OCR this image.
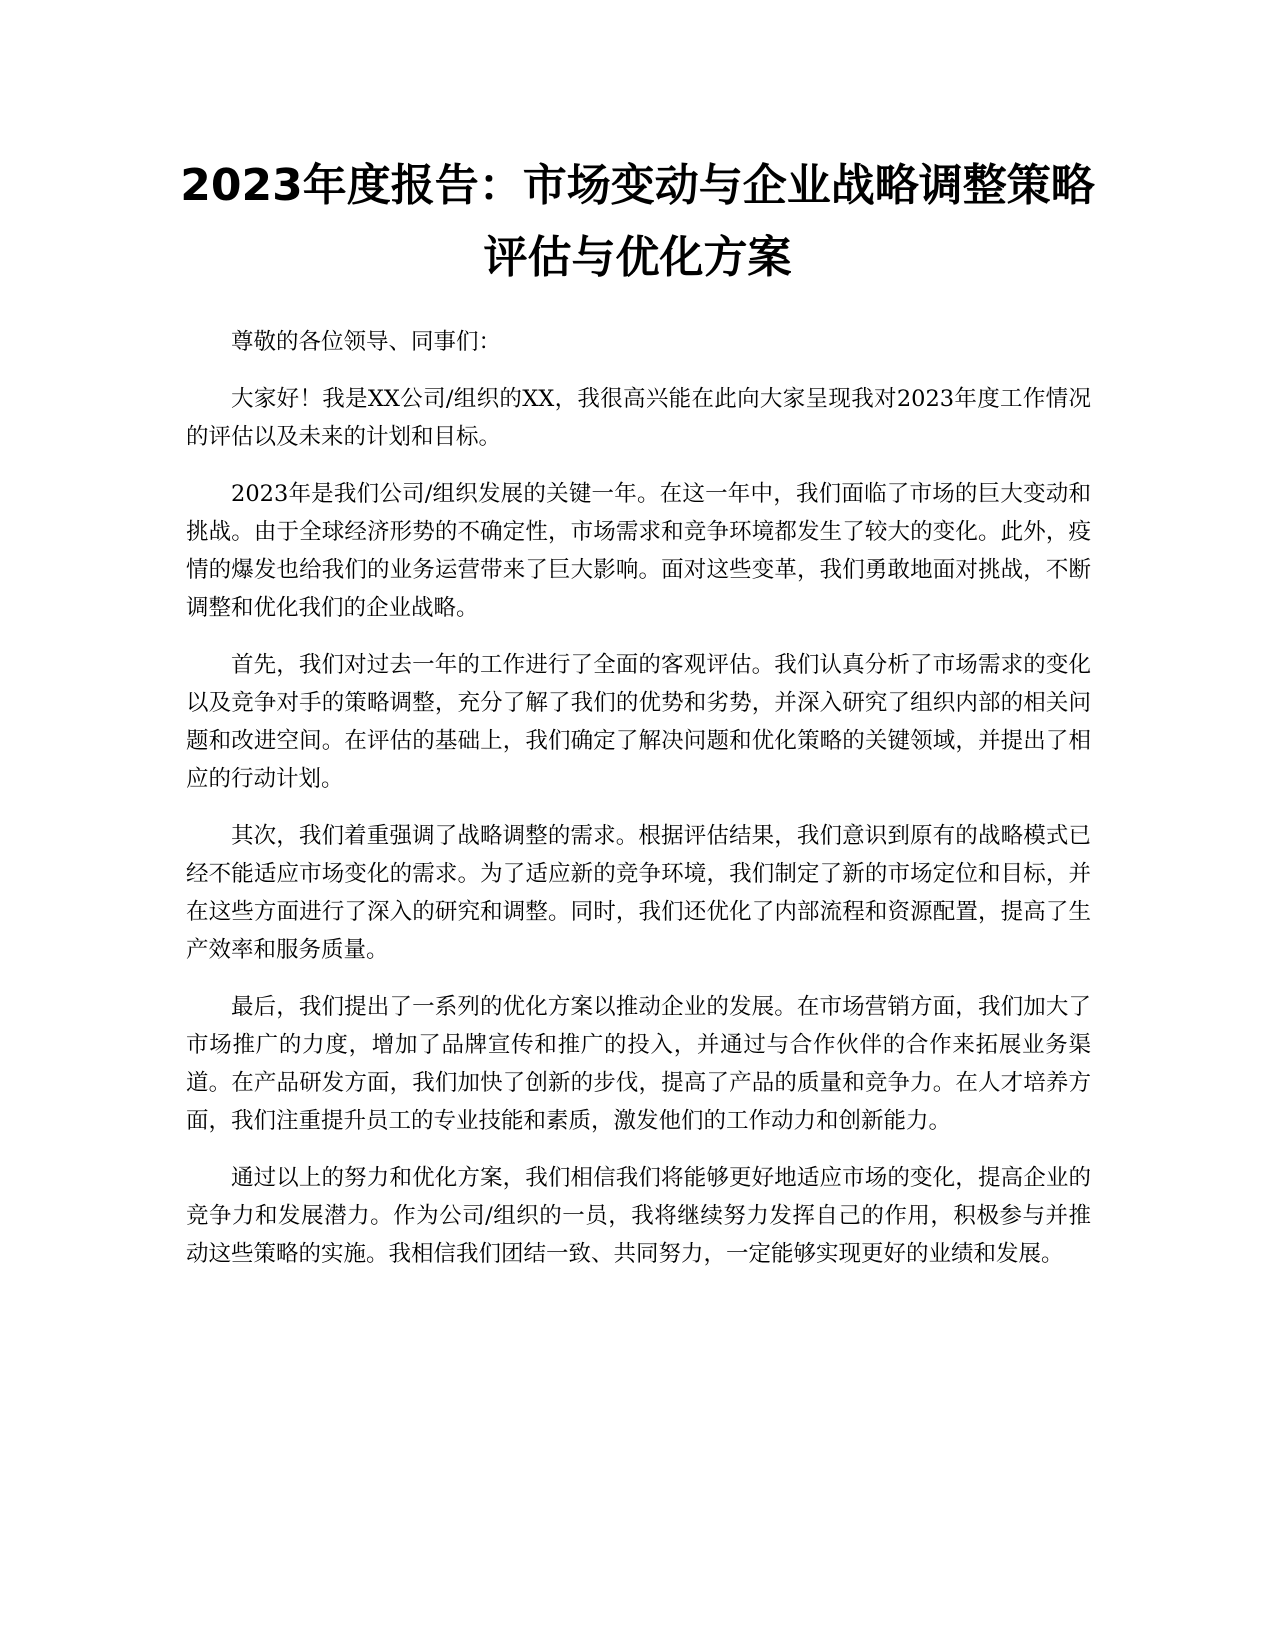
2023年度报告：市场变动与企业战略调整策略评估与优化方案

尊敬的各位领导、同事们：

大家好！我是XX公司/组织的XX，我很高兴能在此向大家呈现我对2023年度工作情况的评估以及未来的计划和目标。

2023年是我们公司/组织发展的关键一年。在这一年中，我们面临了市场的巨大变动和挑战。由于全球经济形势的不确定性，市场需求和竞争环境都发生了较大的变化。此外，疫情的爆发也给我们的业务运营带来了巨大影响。面对这些变革，我们勇敢地面对挑战，不断调整和优化我们的企业战略。

首先，我们对过去一年的工作进行了全面的客观评估。我们认真分析了市场需求的变化以及竞争对手的策略调整，充分了解了我们的优势和劣势，并深入研究了组织内部的相关问题和改进空间。在评估的基础上，我们确定了解决问题和优化策略的关键领域，并提出了相应的行动计划。

其次，我们着重强调了战略调整的需求。根据评估结果，我们意识到原有的战略模式已经不能适应市场变化的需求。为了适应新的竞争环境，我们制定了新的市场定位和目标，并在这些方面进行了深入的研究和调整。同时，我们还优化了内部流程和资源配置，提高了生产效率和服务质量。

最后，我们提出了一系列的优化方案以推动企业的发展。在市场营销方面，我们加大了市场推广的力度，增加了品牌宣传和推广的投入，并通过与合作伙伴的合作来拓展业务渠道。在产品研发方面，我们加快了创新的步伐，提高了产品的质量和竞争力。在人才培养方面，我们注重提升员工的专业技能和素质，激发他们的工作动力和创新能力。

通过以上的努力和优化方案，我们相信我们将能够更好地适应市场的变化，提高企业的竞争力和发展潜力。作为公司/组织的一员，我将继续努力发挥自己的作用，积极参与并推动这些策略的实施。我相信我们团结一致、共同努力，一定能够实现更好的业绩和发展。
